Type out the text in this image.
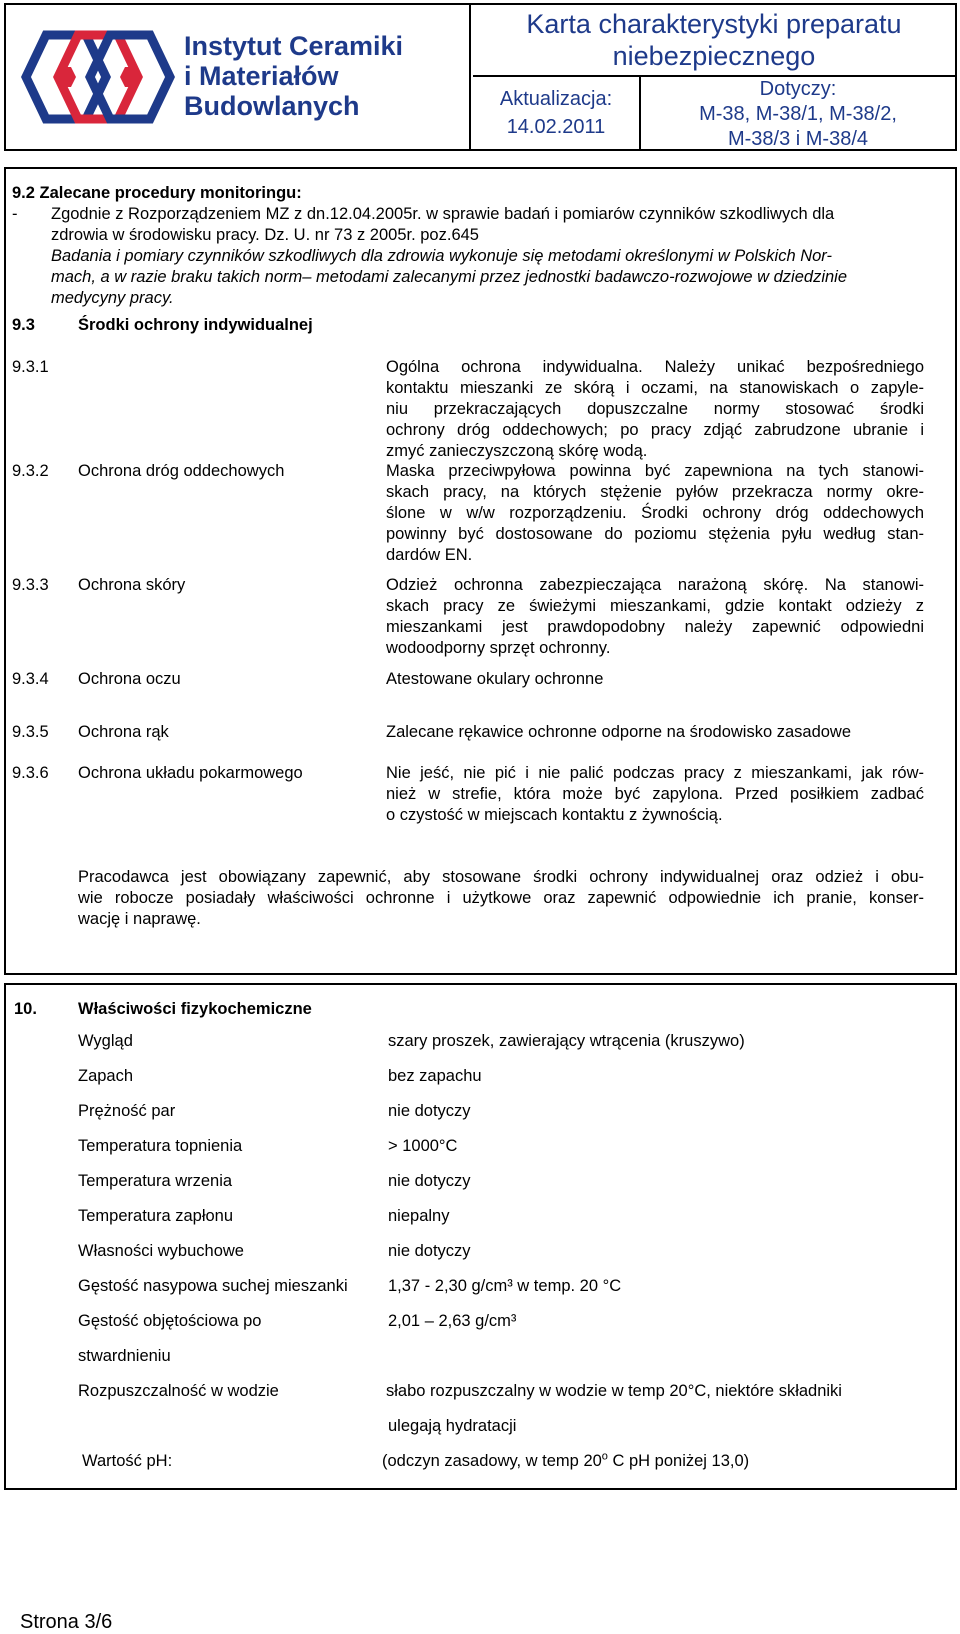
Instytut Ceramiki
i Materiałów
Budowlanych
Karta charakterystyki preparatu
niebezpiecznego
Aktualizacja:
14.02.2011
Dotyczy:
M-38, M-38/1, M-38/2,
M-38/3 i M-38/4
9.2 Zalecane procedury monitoringu:
- Zgodnie z Rozporządzeniem MZ z dn.12.04.2005r. w sprawie badań i pomiarów czynników szkodliwych dla
zdrowia w środowisku pracy. Dz. U. nr 73 z 2005r. poz.645
Badania i pomiary czynników szkodliwych dla zdrowia wykonuje się metodami określonymi w Polskich Nor-
mach, a w razie braku takich norm– metodami zalecanymi przez jednostki badawczo-rozwojowe w dziedzinie
medycyny pracy.
9.3	Środki ochrony indywidualnej
9.3.1	Ogólna ochrona indywidualna. Należy unikać bezpośredniego
kontaktu mieszanki ze skórą i oczami, na stanowiskach o zapyle-
niu przekraczających dopuszczalne normy stosować środki
ochrony dróg oddechowych; po pracy zdjąć zabrudzone ubranie i
zmyć zanieczyszczoną skórę wodą.
9.3.2 Ochrona dróg oddechowych	Maska przeciwpyłowa powinna być zapewniona na tych stanowi-
skach pracy, na których stężenie pyłów przekracza normy okre-
ślone w w/w rozporządzeniu. Środki ochrony dróg oddechowych
powinny być dostosowane do poziomu stężenia pyłu według stan-
dardów EN.
9.3.3 Ochrona skóry	Odzież ochronna zabezpieczająca narażoną skórę. Na stanowi-
skach pracy ze świeżymi mieszankami, gdzie kontakt odzieży z
mieszankami jest prawdopodobny należy zapewnić odpowiedni
wodoodporny sprzęt ochronny.
9.3.4 Ochrona oczu	Atestowane okulary ochronne
9.3.5 Ochrona rąk	Zalecane rękawice ochronne odporne na środowisko zasadowe
9.3.6 Ochrona układu pokarmowego	Nie jeść, nie pić i nie palić podczas pracy z mieszankami, jak rów-
nież w strefie, która może być zapylona. Przed posiłkiem zadbać
o czystość w miejscach kontaktu z żywnością.
Pracodawca jest obowiązany zapewnić, aby stosowane środki ochrony indywidualnej oraz odzież i obu-
wie robocze posiadały właściwości ochronne i użytkowe oraz zapewnić odpowiednie ich pranie, konser-
wację i naprawę.
10. Właściwości fizykochemiczne
Wygląd	szary proszek, zawierający wtrącenia (kruszywo)
Zapach	bez zapachu
Prężność par	nie dotyczy
Temperatura topnienia	> 1000°C
Temperatura wrzenia	nie dotyczy
Temperatura zapłonu	niepalny
Własności wybuchowe	nie dotyczy
Gęstość nasypowa suchej mieszanki 1,37 - 2,30 g/cm³ w temp. 20 °C
Gęstość objętościowa po	2,01 – 2,63 g/cm³
stwardnieniu
Rozpuszczalność w wodzie	słabo rozpuszczalny w wodzie w temp 20°C, niektóre składniki
ulegają hydratacji
Wartość pH:	(odczyn zasadowy, w temp 20$^o$ C pH poniżej 13,0)
Strona 3/6
